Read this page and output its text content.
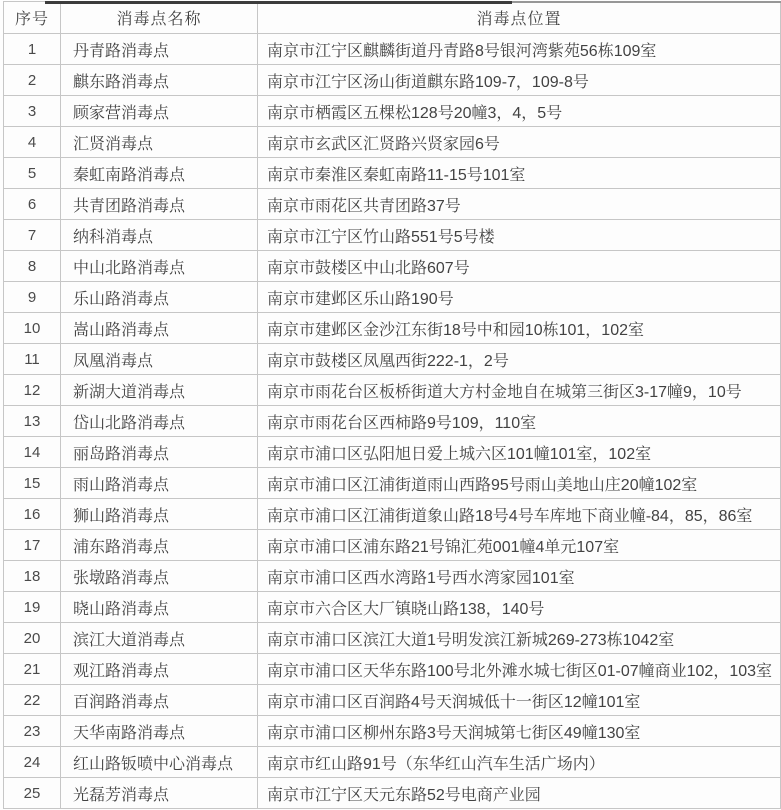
序号	消毒点名称	消毒点位置
1	丹青路消毒点	南京市江宁区麒麟街道丹青路8号银河湾紫苑56栋109室
2	麒东路消毒点	南京市江宁区汤山街道麒东路109-7，109-8号
3	顾家营消毒点	南京市栖霞区五棵松128号20幢3，4，5号
4	汇贤消毒点	南京市玄武区汇贤路兴贤家园6号
5	秦虹南路消毒点	南京市秦淮区秦虹南路11-15号101室
6	共青团路消毒点	南京市雨花区共青团路37号
7	纳科消毒点	南京市江宁区竹山路551号5号楼
8	中山北路消毒点	南京市鼓楼区中山北路607号
9	乐山路消毒点	南京市建邺区乐山路190号
10	嵩山路消毒点	南京市建邺区金沙江东街18号中和园10栋101，102室
11	凤凰消毒点	南京市鼓楼区凤凰西街222-1，2号
12	新湖大道消毒点	南京市雨花台区板桥街道大方村金地自在城第三街区3-17幢9，10号
13	岱山北路消毒点	南京市雨花台区西柿路9号109，110室
14	丽岛路消毒点	南京市浦口区弘阳旭日爱上城六区101幢101室，102室
15	雨山路消毒点	南京市浦口区江浦街道雨山西路95号雨山美地山庄20幢102室
16	狮山路消毒点	南京市浦口区江浦街道象山路18号4号车库地下商业幢-84，85，86室
17	浦东路消毒点	南京市浦口区浦东路21号锦汇苑001幢4单元107室
18	张墩路消毒点	南京市浦口区西水湾路1号西水湾家园101室
19	晓山路消毒点	南京市六合区大厂镇晓山路138，140号
20	滨江大道消毒点	南京市浦口区滨江大道1号明发滨江新城269-273栋1042室
21	观江路消毒点	南京市浦口区天华东路100号北外滩水城七街区01-07幢商业102，103室
22	百润路消毒点	南京市浦口区百润路4号天润城低十一街区12幢101室
23	天华南路消毒点	南京市浦口区柳州东路3号天润城第七街区49幢130室
24	红山路钣喷中心消毒点	南京市红山路91号（东华红山汽车生活广场内）
25	光磊芳消毒点	南京市江宁区天元东路52号电商产业园
